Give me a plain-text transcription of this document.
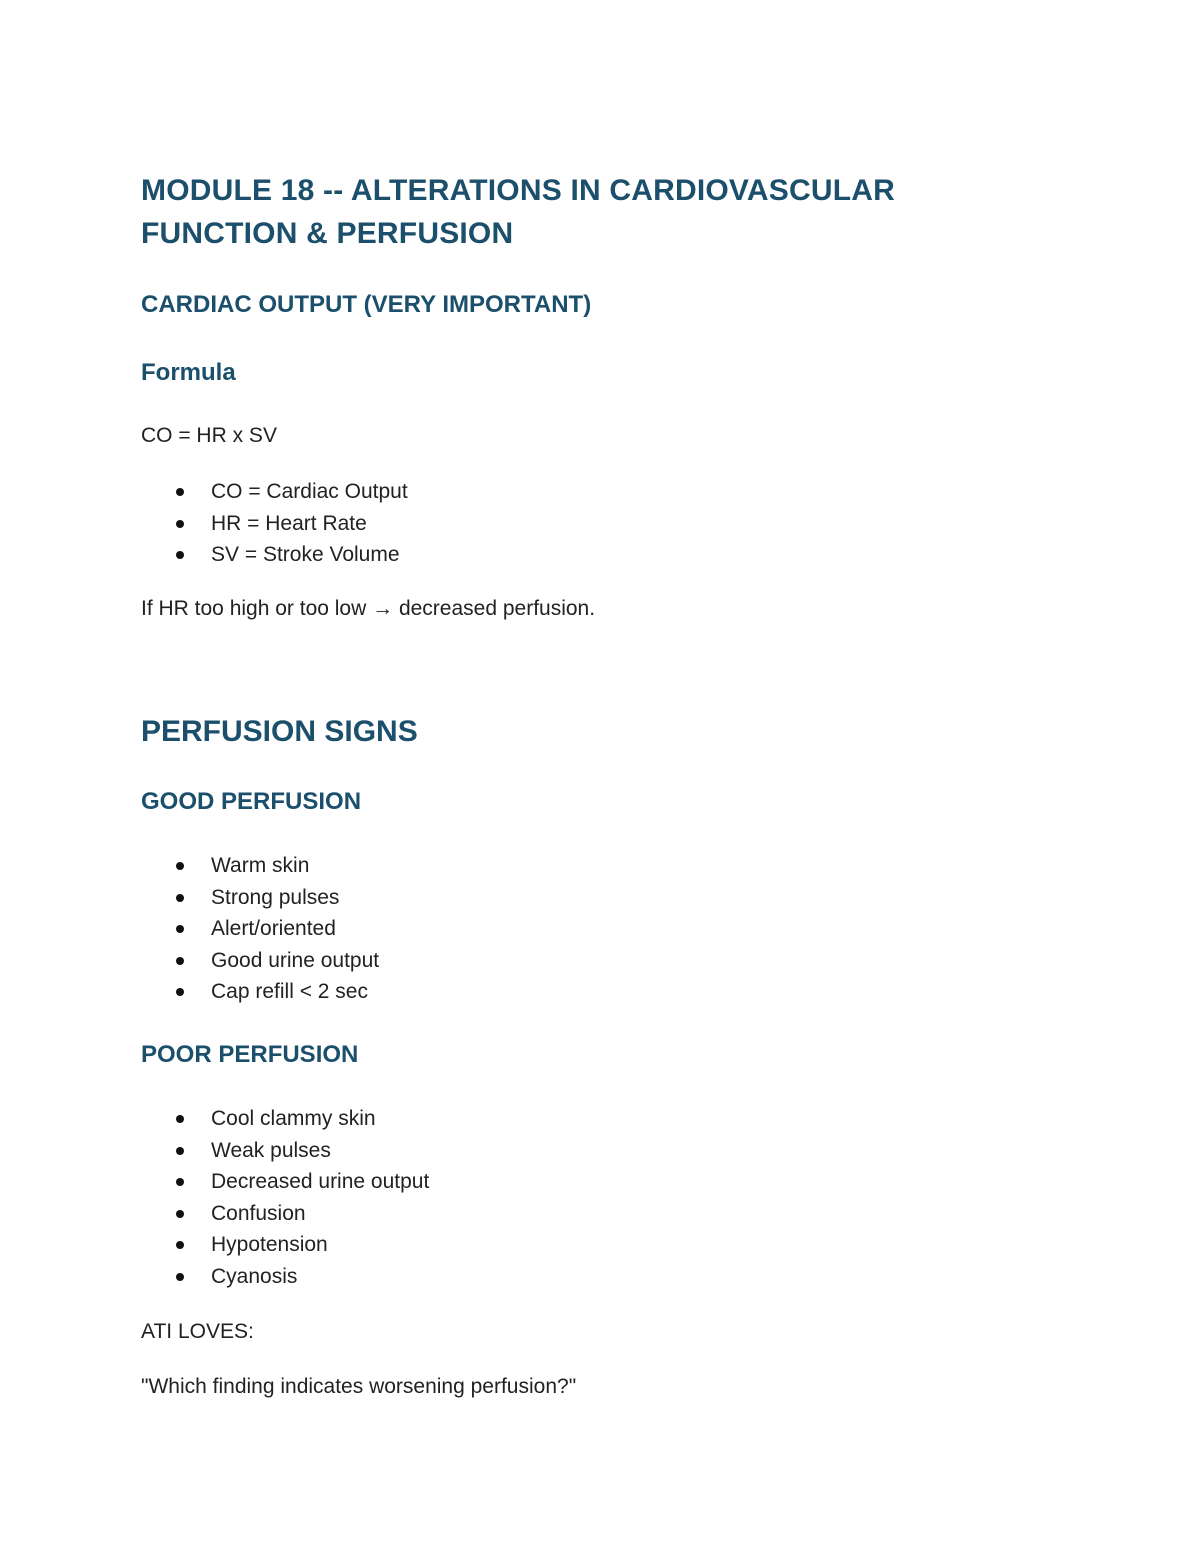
MODULE 18 -- ALTERATIONS IN CARDIOVASCULAR
FUNCTION & PERFUSION
CARDIAC OUTPUT (VERY IMPORTANT)
Formula

CO = HR x SV

CO = Cardiac Output
HR = Heart Rate
SV = Stroke Volume

If HR too high or too low → decreased perfusion.

PERFUSION SIGNS
GOOD PERFUSION
Warm skin
Strong pulses
Alert/oriented
Good urine output
Cap refill < 2 sec
POOR PERFUSION
Cool clammy skin
Weak pulses
Decreased urine output
Confusion
Hypotension
Cyanosis

ATI LOVES:

"Which finding indicates worsening perfusion?"
